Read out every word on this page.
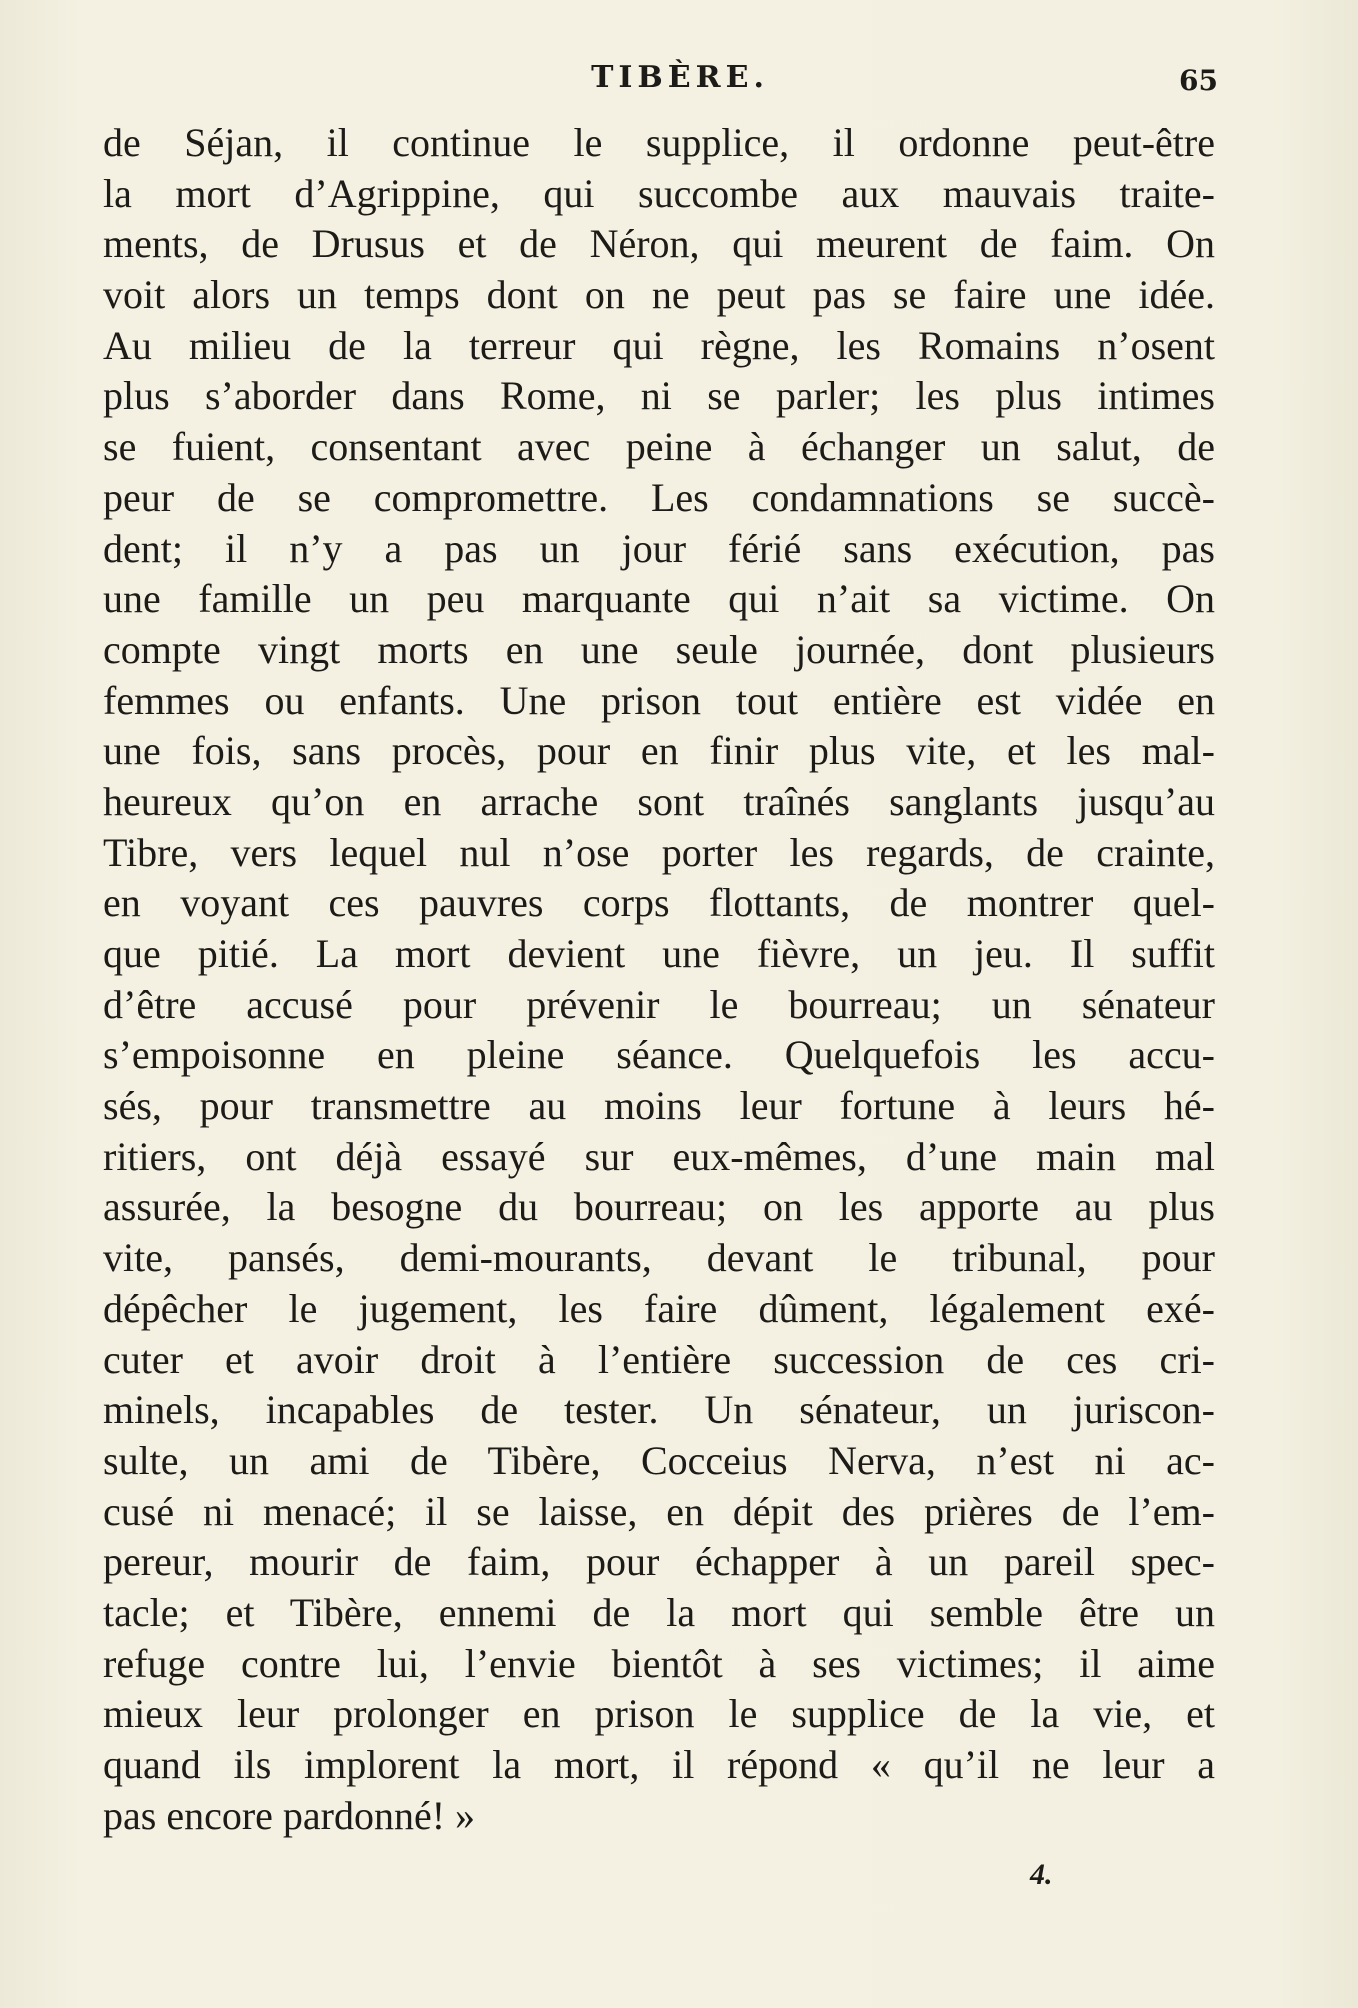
TIBÈRE.	65
de Séjan, il continue le supplice, il ordonne peut-être
la mort d’Agrippine, qui succombe aux mauvais traite-
ments, de Drusus et de Néron, qui meurent de faim. On
voit alors un temps dont on ne peut pas se faire une idée.
Au milieu de la terreur qui règne, les Romains n’osent
plus s’aborder dans Rome, ni se parler; les plus intimes
se fuient, consentant avec peine à échanger un salut, de
peur de se compromettre. Les condamnations se succè-
dent; il n’y a pas un jour férié sans exécution, pas
une famille un peu marquante qui n’ait sa victime. On
compte vingt morts en une seule journée, dont plusieurs
femmes ou enfants. Une prison tout entière est vidée en
une fois, sans procès, pour en finir plus vite, et les mal-
heureux qu’on en arrache sont traînés sanglants jusqu’au
Tibre, vers lequel nul n’ose porter les regards, de crainte,
en voyant ces pauvres corps flottants, de montrer quel-
que pitié. La mort devient une fièvre, un jeu. Il suffit
d’être accusé pour prévenir le bourreau; un sénateur
s’empoisonne en pleine séance. Quelquefois les accu-
sés, pour transmettre au moins leur fortune à leurs hé-
ritiers, ont déjà essayé sur eux-mêmes, d’une main mal
assurée, la besogne du bourreau; on les apporte au plus
vite, pansés, demi-mourants, devant le tribunal, pour
dépêcher le jugement, les faire dûment, légalement exé-
cuter et avoir droit à l’entière succession de ces cri-
minels, incapables de tester. Un sénateur, un juriscon-
sulte, un ami de Tibère, Cocceius Nerva, n’est ni ac-
cusé ni menacé; il se laisse, en dépit des prières de l’em-
pereur, mourir de faim, pour échapper à un pareil spec-
tacle; et Tibère, ennemi de la mort qui semble être un
refuge contre lui, l’envie bientôt à ses victimes; il aime
mieux leur prolonger en prison le supplice de la vie, et
quand ils implorent la mort, il répond « qu’il ne leur a
pas encore pardonné! »
4.
